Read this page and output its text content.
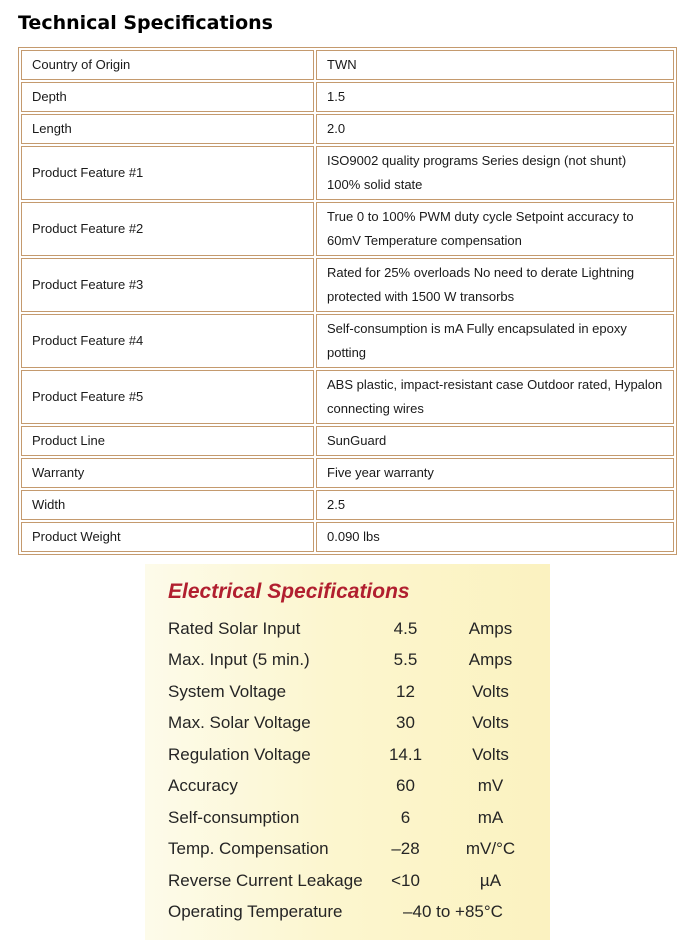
Technical Specifications
Country of Origin	TWN
Depth	1.5
Length	2.0
Product Feature #1	ISO9002 quality programs Series design (not shunt) 100% solid state
Product Feature #2	True 0 to 100% PWM duty cycle Setpoint accuracy to 60mV Temperature compensation
Product Feature #3	Rated for 25% overloads No need to derate Lightning protected with 1500 W transorbs
Product Feature #4	Self-consumption is mA Fully encapsulated in epoxy potting
Product Feature #5	ABS plastic, impact-resistant case Outdoor rated, Hypalon connecting wires
Product Line	SunGuard
Warranty	Five year warranty
Width	2.5
Product Weight	0.090 lbs
Electrical Specifications
Rated Solar Input	4.5	Amps
Max. Input (5 min.)	5.5	Amps
System Voltage	12	Volts
Max. Solar Voltage	30	Volts
Regulation Voltage	14.1	Volts
Accuracy	60	mV
Self-consumption	6	mA
Temp. Compensation	–28	mV/°C
Reverse Current Leakage	<10	µA
Operating Temperature	–40 to +85°C
